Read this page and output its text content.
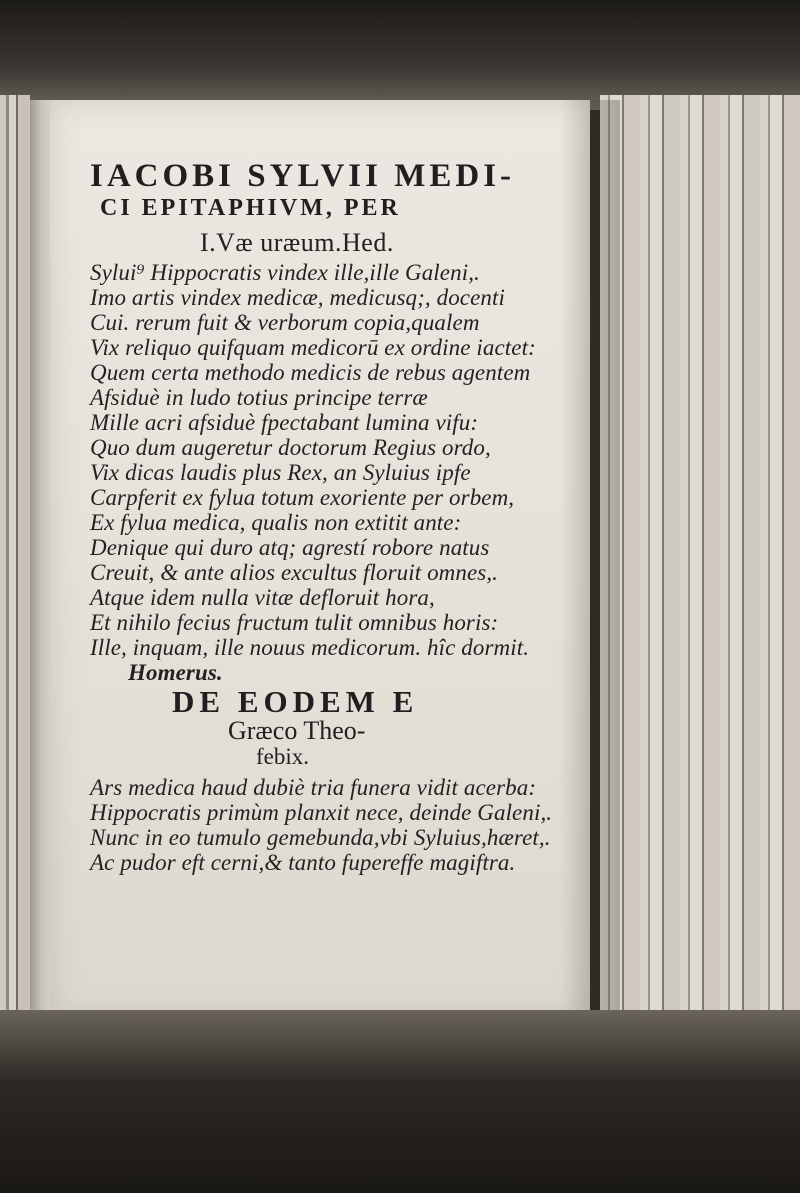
IACOBI SYLVII MEDI-
CI EPITAPHIVM, PER
I.Væ uræum.Hed.
Sylui⁹ Hippocratis vindex ille,ille Galeni,.
Imo artis vindex medicæ, medicusq;, docenti
Cui. rerum fuit & verborum copia,qualem
Vix reliquo quifquam medicorū ex ordine iactet:
Quem certa methodo medicis de rebus agentem
Afsiduè in ludo totius principe terræ
Mille acri afsiduè fpectabant lumina vifu:
Quo dum augeretur doctorum Regius ordo,
Vix dicas laudis plus Rex, an Syluius ipfe
Carpferit ex fylua totum exoriente per orbem,
Ex fylua medica, qualis non extitit ante:
Denique qui duro atq; agrestí robore natus
Creuit, & ante alios excultus floruit omnes,.
Atque idem nulla vitæ defloruit hora,
Et nihilo fecius fructum tulit omnibus horis:
Ille, inquam, ille nouus medicorum. hîc dormit.
Homerus.
DE EODEM E
Græco Theo-
febix.
Ars medica haud dubiè tria funera vidit acerba:
Hippocratis primùm planxit nece, deinde Galeni,.
Nunc in eo tumulo gemebunda,vbi Syluius,hæret,.
Ac pudor eft cerni,& tanto fupereffe magiftra.
